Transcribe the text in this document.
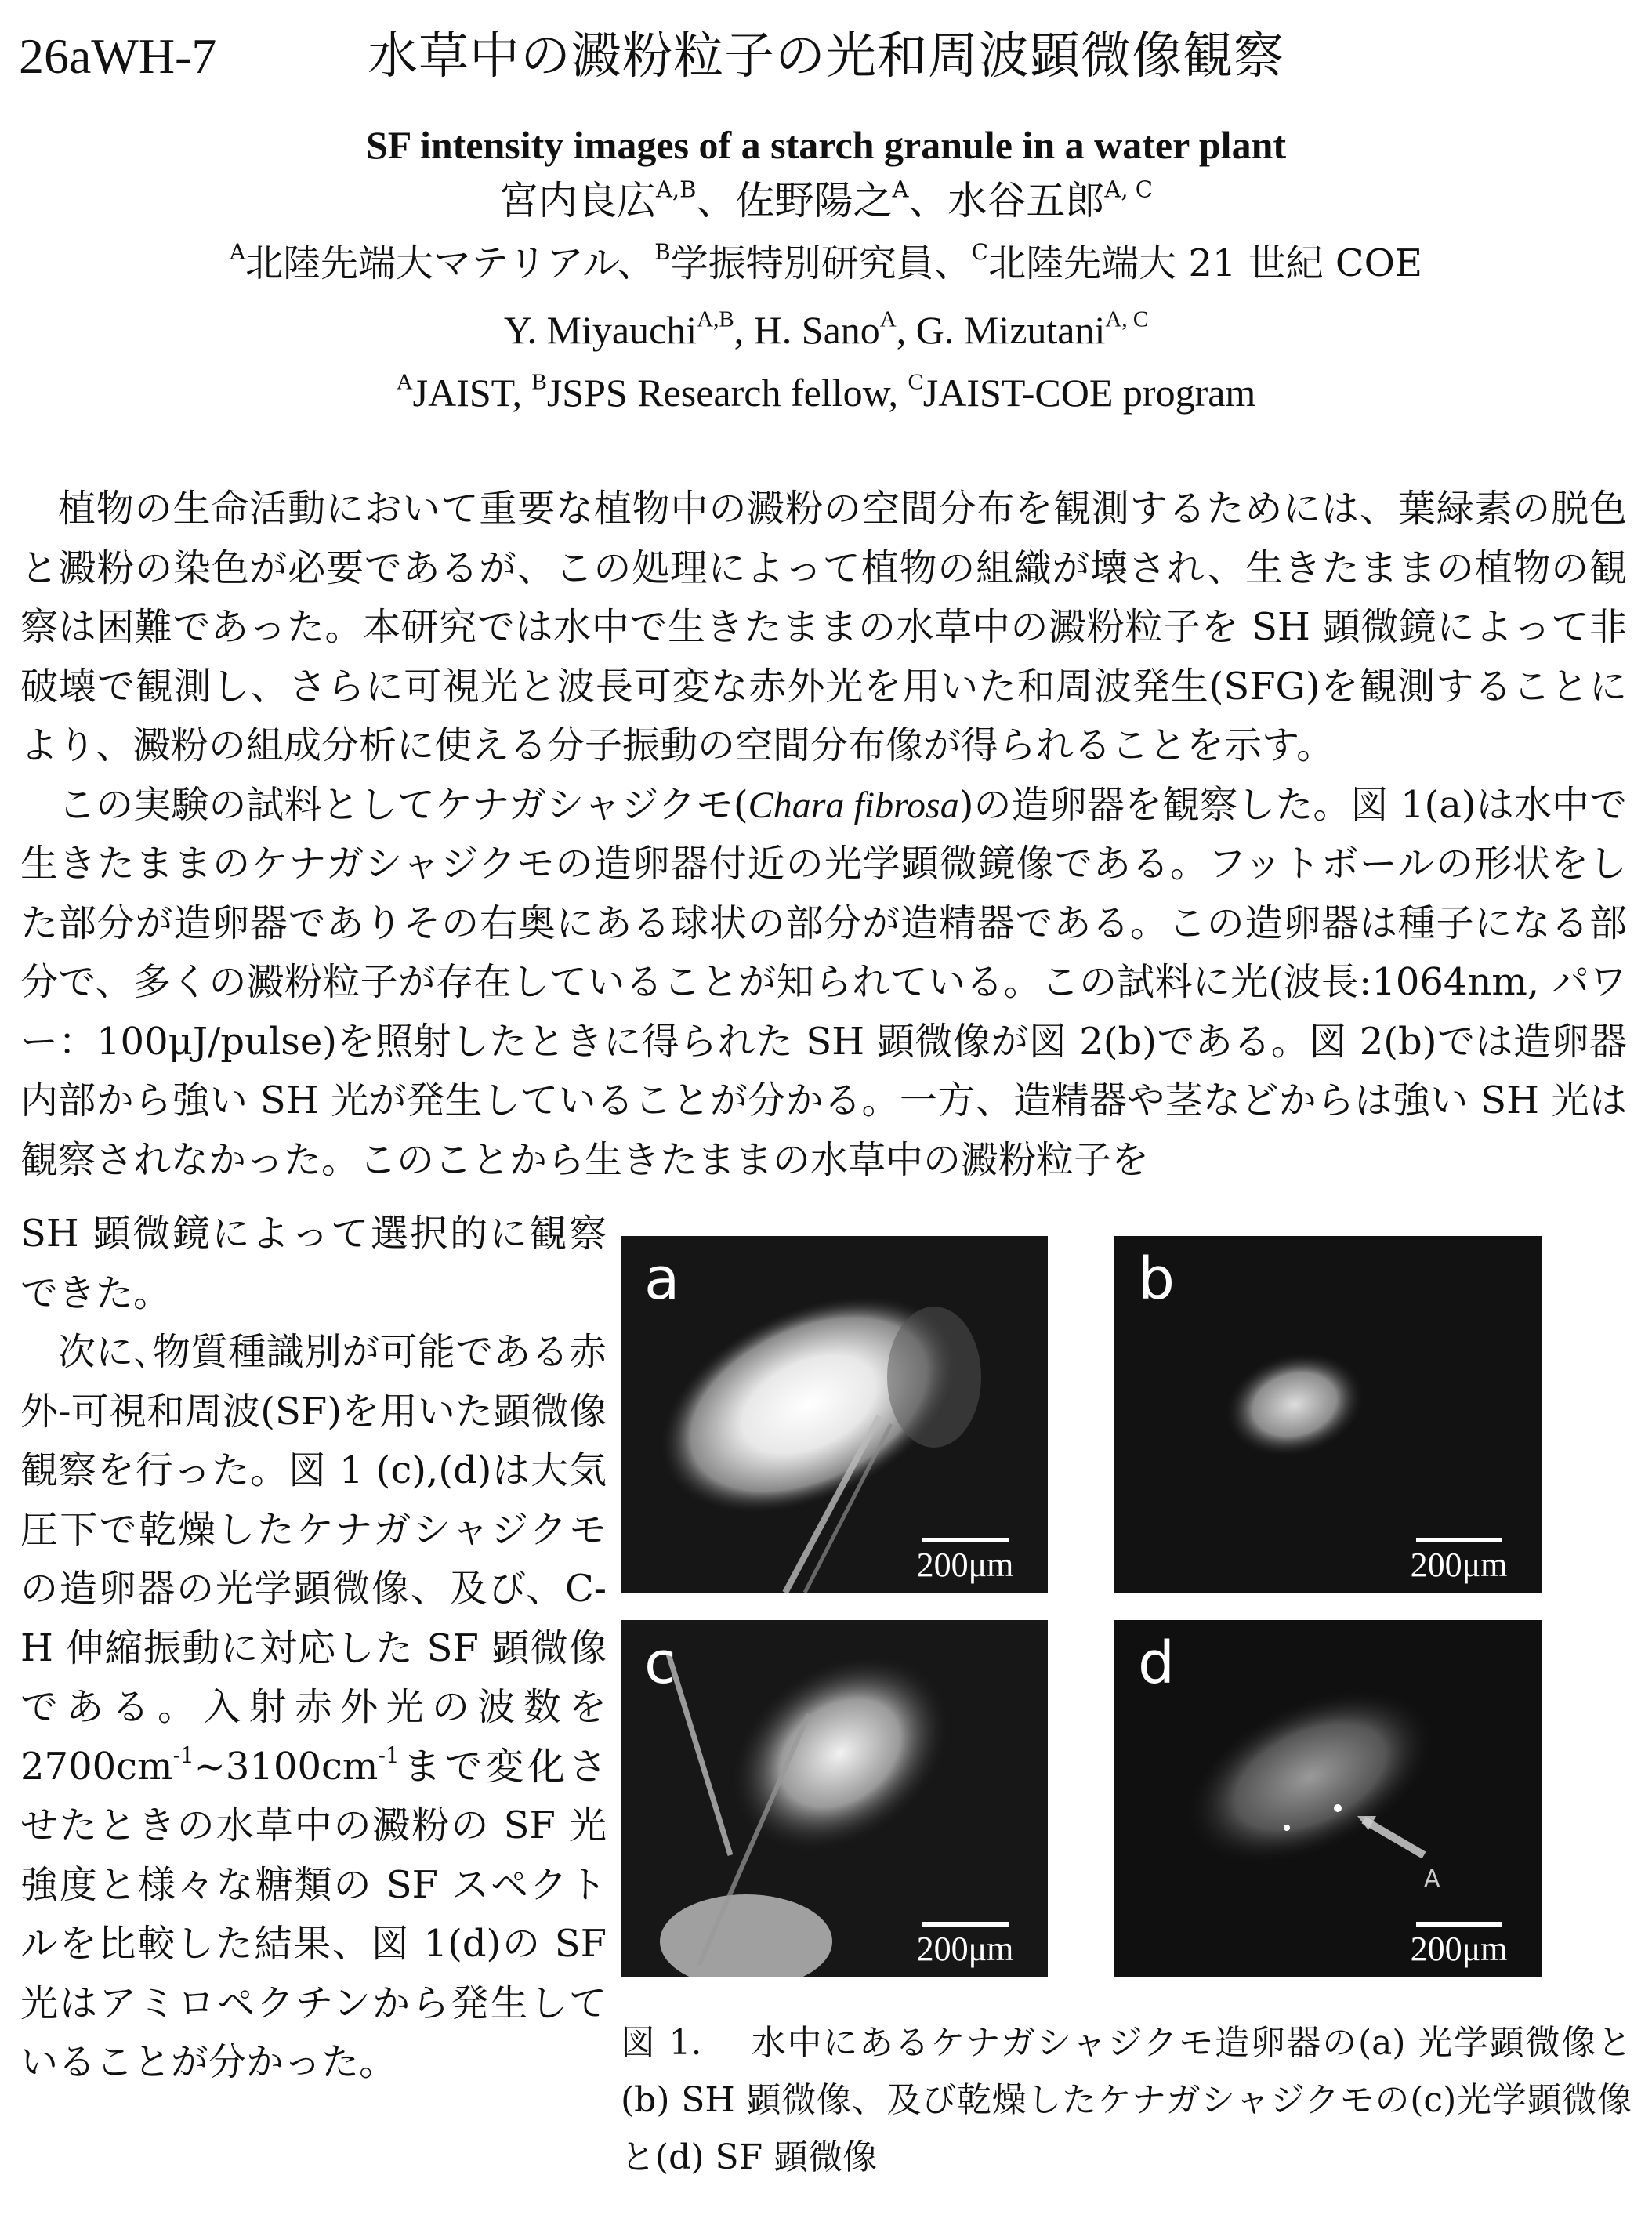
26aWH-7	水草中の澱粉粒子の光和周波顕微像観察
SF intensity images of a starch granule in a water plant
宮内良広$^{A,B}$、佐野陽之$^A$、水谷五郎$^{A, C}$
$^A$北陸先端大マテリアル、$^B$学振特別研究員、$^C$北陸先端大 21 世紀 COE
Y. Miyauchi$^{A,B}$, H. Sano$^A$, G. Mizutani$^{A, C}$
$^A$JAIST, $^B$JSPS Research fellow, $^C$JAIST-COE program

植物の生命活動において重要な植物中の澱粉の空間分布を観測するためには、葉緑素の脱色と澱粉の染色が必要であるが、この処理によって植物の組織が壊され、生きたままの植物の観察は困難であった。本研究では水中で生きたままの水草中の澱粉粒子を SH 顕微鏡によって非破壊で観測し、さらに可視光と波長可変な赤外光を用いた和周波発生(SFG)を観測することにより、澱粉の組成分析に使える分子振動の空間分布像が得られることを示す。

この実験の試料としてケナガシャジクモ(Chara fibrosa)の造卵器を観察した。図 1(a)は水中で生きたままのケナガシャジクモの造卵器付近の光学顕微鏡像である。フットボールの形状をした部分が造卵器でありその右奥にある球状の部分が造精器である。この造卵器は種子になる部分で、多くの澱粉粒子が存在していることが知られている。この試料に光(波長:1064nm, パワー：100μJ/pulse)を照射したときに得られた SH 顕微像が図 2(b)である。図 2(b)では造卵器内部から強い SH 光が発生していることが分かる。一方、造精器や茎などからは強い SH 光は観察されなかった。このことから生きたままの水草中の澱粉粒子を

SH 顕微鏡によって選択的に観察できた。

次に､物質種識別が可能である赤外-可視和周波(SF)を用いた顕微像観察を行った。図 1 (c),(d)は大気圧下で乾燥したケナガシャジクモの造卵器の光学顕微像、及び、C-H 伸縮振動に対応した SF 顕微像である。入射赤外光の波数を $2700cm^{-1}\sim 3100cm^{-1}$まで変化させたときの水草中の澱粉の SF 光強度と様々な糖類の SF スペクトルを比較した結果、図 1(d)の SF 光はアミロペクチンから発生していることが分かった。

a
200μm
b
200μm
c
200μm
A
d
200μm
図 1.　 水中にあるケナガシャジクモ造卵器の(a) 光学顕微像と (b) SH 顕微像、及び乾燥したケナガシャジクモの(c)光学顕微像と(d) SF 顕微像
